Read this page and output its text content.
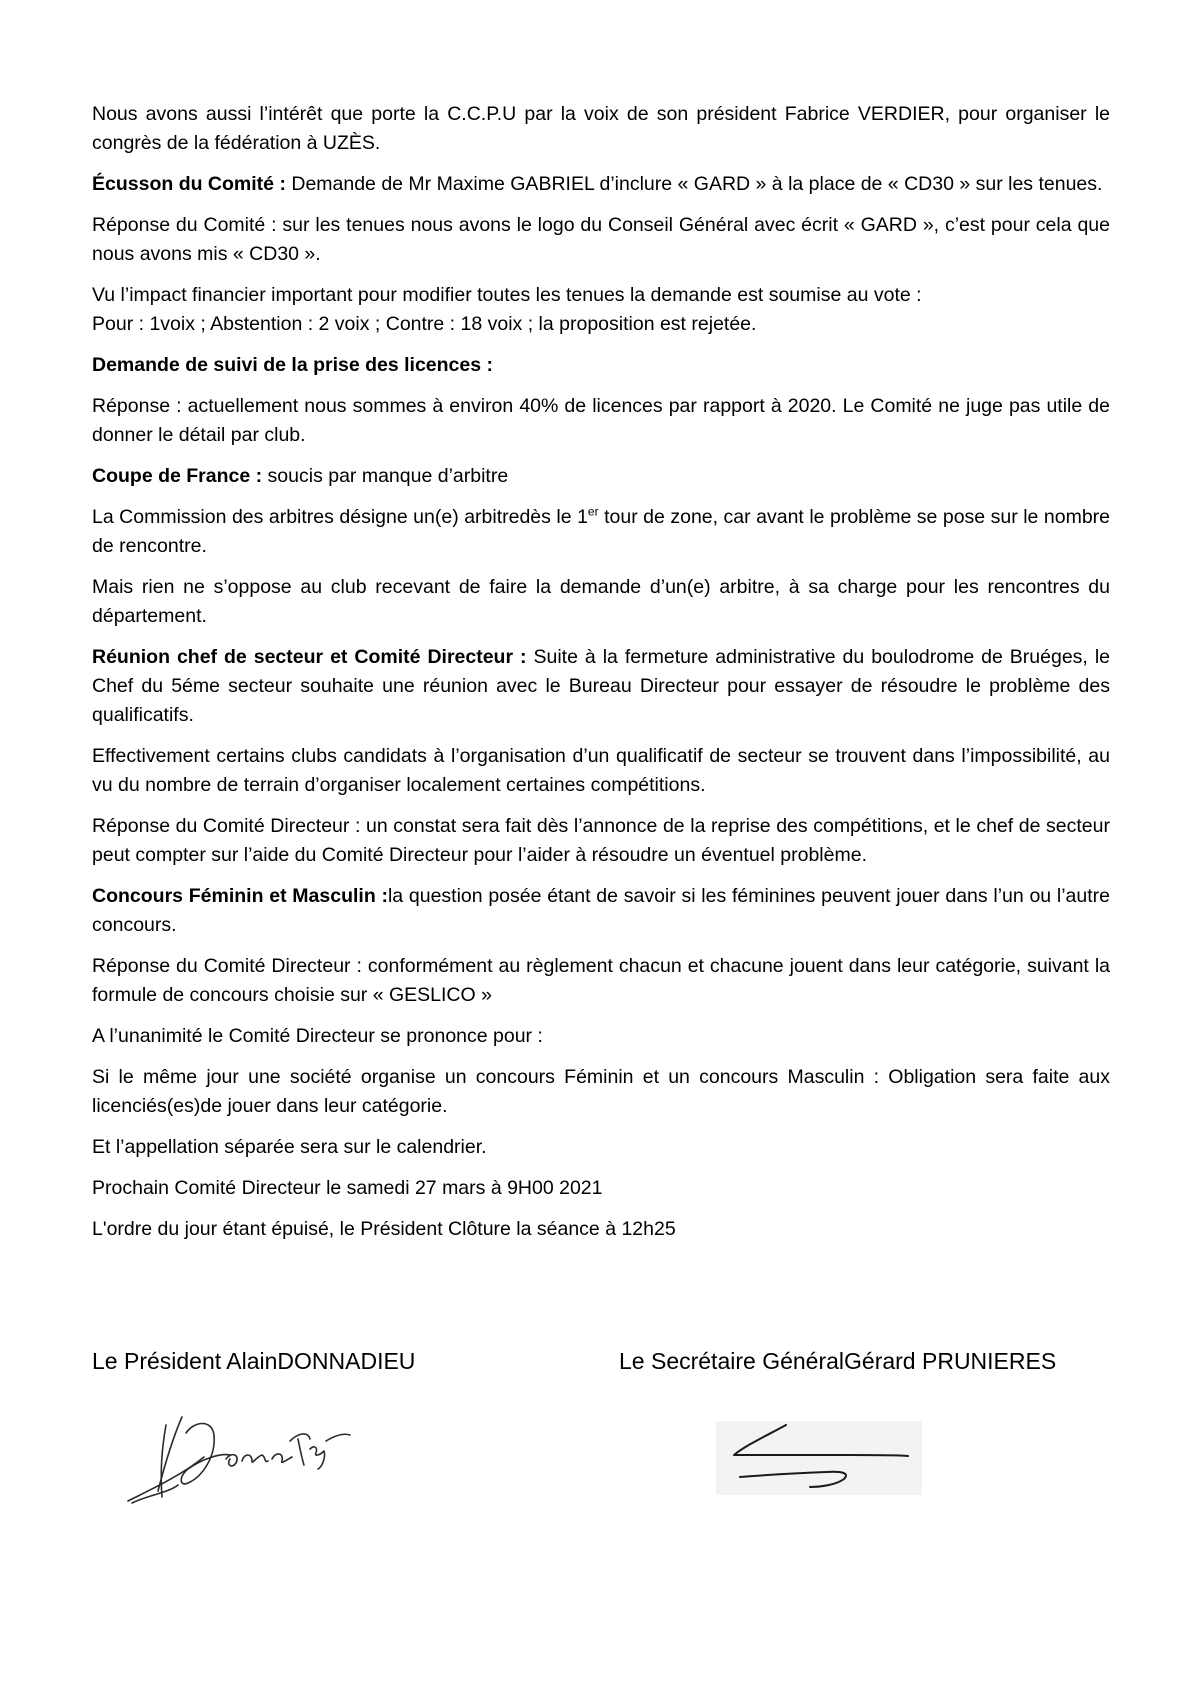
Nous avons aussi l’intérêt que porte la C.C.P.U par la voix de son président Fabrice VERDIER, pour organiser le congrès de la fédération à UZÈS.

Écusson du Comité : Demande de Mr Maxime GABRIEL d’inclure « GARD » à la place de « CD30 » sur les tenues.

Réponse du Comité : sur les tenues nous avons le logo du Conseil Général avec écrit « GARD », c’est pour cela que nous avons mis « CD30 ».

Vu l’impact financier important pour modifier toutes les tenues la demande est soumise au vote :
Pour : 1voix ; Abstention : 2 voix ; Contre : 18 voix ; la proposition est rejetée.

Demande de suivi de la prise des licences :

Réponse : actuellement nous sommes à environ 40% de licences par rapport à 2020. Le Comité ne juge pas utile de donner le détail par club.

Coupe de France : soucis par manque d’arbitre

La Commission des arbitres désigne un(e) arbitredès le 1er tour de zone, car avant le problème se pose sur le nombre de rencontre.

Mais rien ne s’oppose au club recevant de faire la demande d’un(e) arbitre, à sa charge pour les rencontres du département.

Réunion chef de secteur et Comité Directeur : Suite à la fermeture administrative du boulodrome de Bruéges, le Chef du 5éme secteur souhaite une réunion avec le Bureau Directeur pour essayer de résoudre le problème des qualificatifs.

Effectivement certains clubs candidats à l’organisation d’un qualificatif de secteur se trouvent dans l’impossibilité, au vu du nombre de terrain d’organiser localement certaines compétitions.

Réponse du Comité Directeur : un constat sera fait dès l’annonce de la reprise des compétitions, et le chef de secteur peut compter sur l’aide du Comité Directeur pour l’aider à résoudre un éventuel problème.

Concours Féminin et Masculin :la question posée étant de savoir si les féminines peuvent jouer dans l’un ou l’autre concours.

Réponse du Comité Directeur : conformément au règlement chacun et chacune jouent dans leur catégorie, suivant la formule de concours choisie sur « GESLICO »

A l’unanimité le Comité Directeur se prononce pour :

Si le même jour une société organise un concours Féminin et un concours Masculin : Obligation sera faite aux licenciés(es)de jouer dans leur catégorie.

Et l’appellation séparée sera sur le calendrier.

Prochain Comité Directeur le samedi 27 mars à 9H00 2021

L'ordre du jour étant épuisé, le Président Clôture la séance à 12h25

Le Président AlainDONNADIEU	Le Secrétaire GénéralGérard PRUNIERES
